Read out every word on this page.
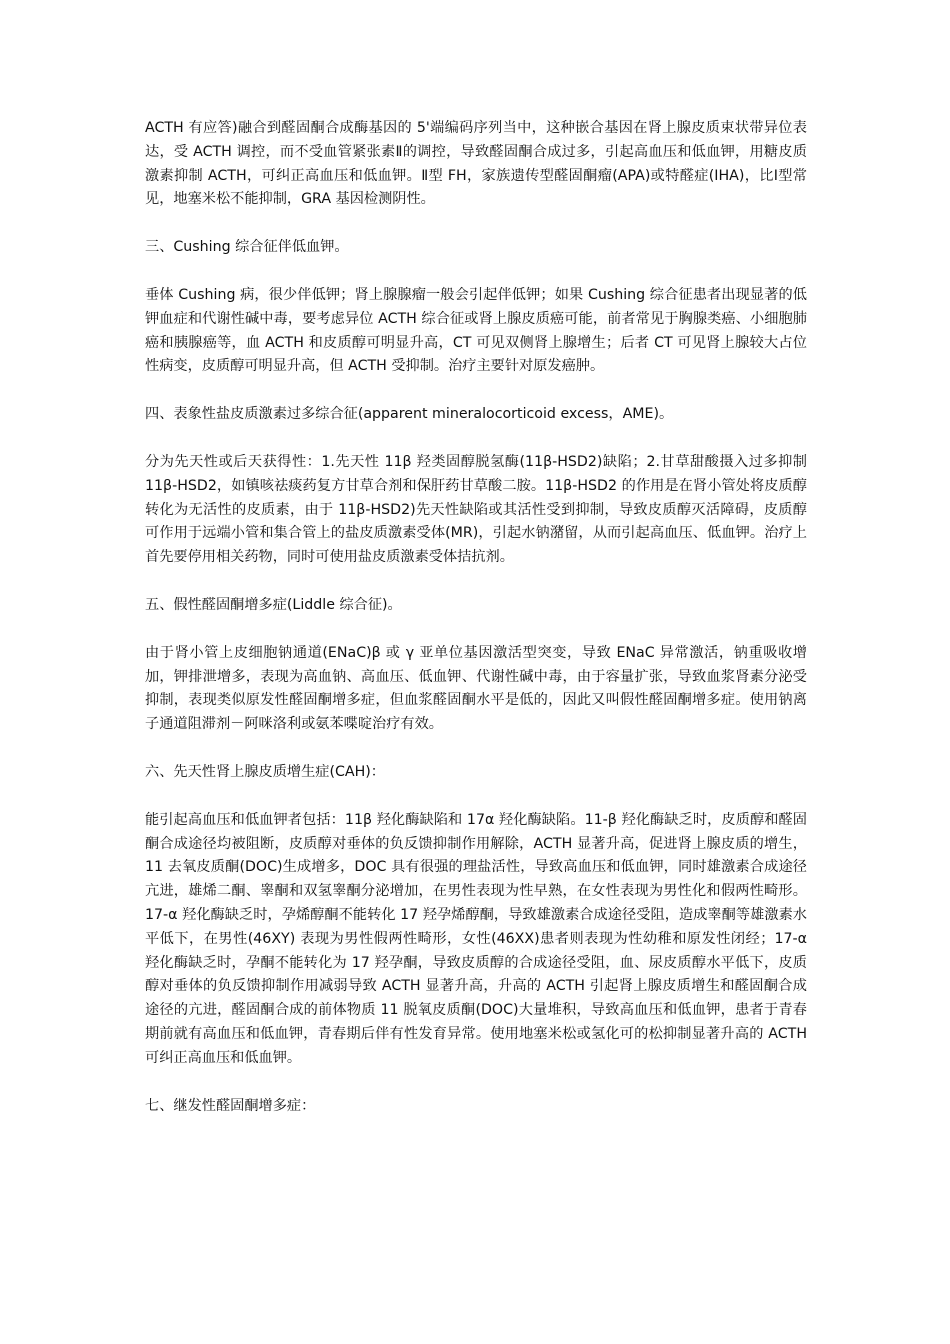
ACTH 有应答)融合到醛固酮合成酶基因的 5'端编码序列当中，这种嵌合基因在肾上腺皮质束状带异位表达，受 ACTH 调控，而不受血管紧张素Ⅱ的调控，导致醛固酮合成过多，引起高血压和低血钾，用糖皮质激素抑制 ACTH，可纠正高血压和低血钾。Ⅱ型 FH，家族遗传型醛固酮瘤(APA)或特醛症(IHA)，比Ⅰ型常见，地塞米松不能抑制，GRA 基因检测阴性。

三、Cushing 综合征伴低血钾。

垂体 Cushing 病，很少伴低钾；肾上腺腺瘤一般会引起伴低钾；如果 Cushing 综合征患者出现显著的低钾血症和代谢性碱中毒，要考虑异位 ACTH 综合征或肾上腺皮质癌可能，前者常见于胸腺类癌、小细胞肺癌和胰腺癌等，血 ACTH 和皮质醇可明显升高，CT 可见双侧肾上腺增生；后者 CT 可见肾上腺较大占位性病变，皮质醇可明显升高，但 ACTH 受抑制。治疗主要针对原发癌肿。

四、表象性盐皮质激素过多综合征(apparent mineralocorticoid excess，AME)。

分为先天性或后天获得性：1.先天性 11β 羟类固醇脱氢酶(11β-HSD2)缺陷；2.甘草甜酸摄入过多抑制 11β-HSD2，如镇咳祛痰药复方甘草合剂和保肝药甘草酸二胺。11β-HSD2 的作用是在肾小管处将皮质醇转化为无活性的皮质素，由于 11β-HSD2)先天性缺陷或其活性受到抑制，导致皮质醇灭活障碍，皮质醇可作用于远端小管和集合管上的盐皮质激素受体(MR)，引起水钠潴留，从而引起高血压、低血钾。治疗上首先要停用相关药物，同时可使用盐皮质激素受体拮抗剂。

五、假性醛固酮增多症(Liddle 综合征)。

由于肾小管上皮细胞钠通道(ENaC)β 或 γ 亚单位基因激活型突变，导致 ENaC 异常激活，钠重吸收增加，钾排泄增多，表现为高血钠、高血压、低血钾、代谢性碱中毒，由于容量扩张，导致血浆肾素分泌受抑制，表现类似原发性醛固酮增多症，但血浆醛固酮水平是低的，因此又叫假性醛固酮增多症。使用钠离子通道阻滞剂－阿咪洛利或氨苯喋啶治疗有效。

六、先天性肾上腺皮质增生症(CAH)：

能引起高血压和低血钾者包括：11β 羟化酶缺陷和 17α 羟化酶缺陷。11-β 羟化酶缺乏时，皮质醇和醛固酮合成途径均被阻断，皮质醇对垂体的负反馈抑制作用解除，ACTH 显著升高，促进肾上腺皮质的增生，11 去氧皮质酮(DOC)生成增多，DOC 具有很强的理盐活性，导致高血压和低血钾，同时雄激素合成途径亢进，雄烯二酮、睾酮和双氢睾酮分泌增加，在男性表现为性早熟，在女性表现为男性化和假两性畸形。17-α 羟化酶缺乏时，孕烯醇酮不能转化 17 羟孕烯醇酮，导致雄激素合成途径受阻，造成睾酮等雄激素水平低下，在男性(46XY) 表现为男性假两性畸形，女性(46XX)患者则表现为性幼稚和原发性闭经；17-α 羟化酶缺乏时，孕酮不能转化为 17 羟孕酮，导致皮质醇的合成途径受阻，血、尿皮质醇水平低下，皮质醇对垂体的负反馈抑制作用减弱导致 ACTH 显著升高，升高的 ACTH 引起肾上腺皮质增生和醛固酮合成途径的亢进，醛固酮合成的前体物质 11 脱氧皮质酮(DOC)大量堆积，导致高血压和低血钾，患者于青春期前就有高血压和低血钾，青春期后伴有性发育异常。使用地塞米松或氢化可的松抑制显著升高的 ACTH 可纠正高血压和低血钾。

七、继发性醛固酮增多症：
